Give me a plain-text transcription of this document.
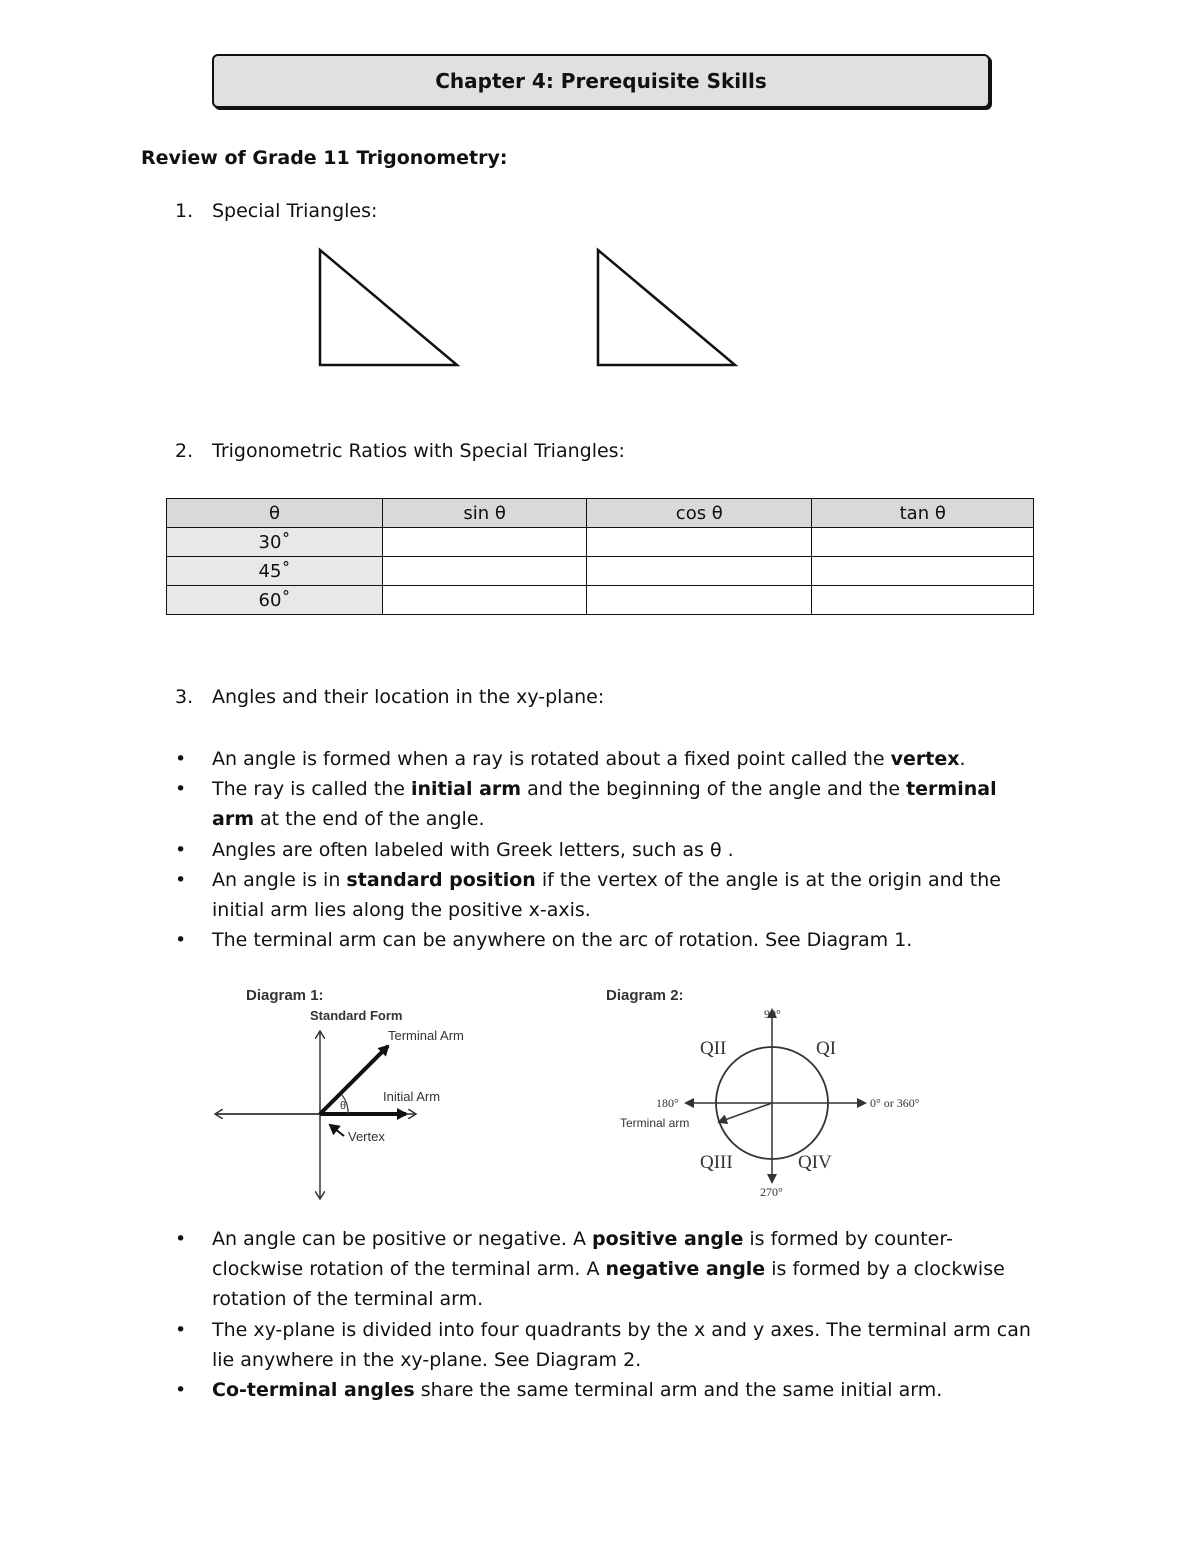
Chapter 4: Prerequisite Skills
Review of Grade 11 Trigonometry:
1. Special Triangles:
2. Trigonometric Ratios with Special Triangles:
θ	sin θ	cos θ	tan θ
30˚			
45˚			
60˚			
3. Angles and their location in the xy-plane:
• An angle is formed when a ray is rotated about a fixed point called the vertex.
• The ray is called the initial arm and the beginning of the angle and the terminal arm at the end of the angle.
• Angles are often labeled with Greek letters, such as θ .
• An angle is in standard position if the vertex of the angle is at the origin and the initial arm lies along the positive x-axis.
• The terminal arm can be anywhere on the arc of rotation. See Diagram 1.
Diagram 1:
Standard Form
θ
Terminal Arm
Initial Arm
Vertex
Diagram 2:
90°
180°	0° or 360°
270°
QII	QI
QIII	QIV
Terminal arm
• An angle can be positive or negative. A positive angle is formed by counter-clockwise rotation of the terminal arm. A negative angle is formed by a clockwise rotation of the terminal arm.
• The xy-plane is divided into four quadrants by the x and y axes. The terminal arm can lie anywhere in the xy-plane. See Diagram 2.
• Co-terminal angles share the same terminal arm and the same initial arm.
